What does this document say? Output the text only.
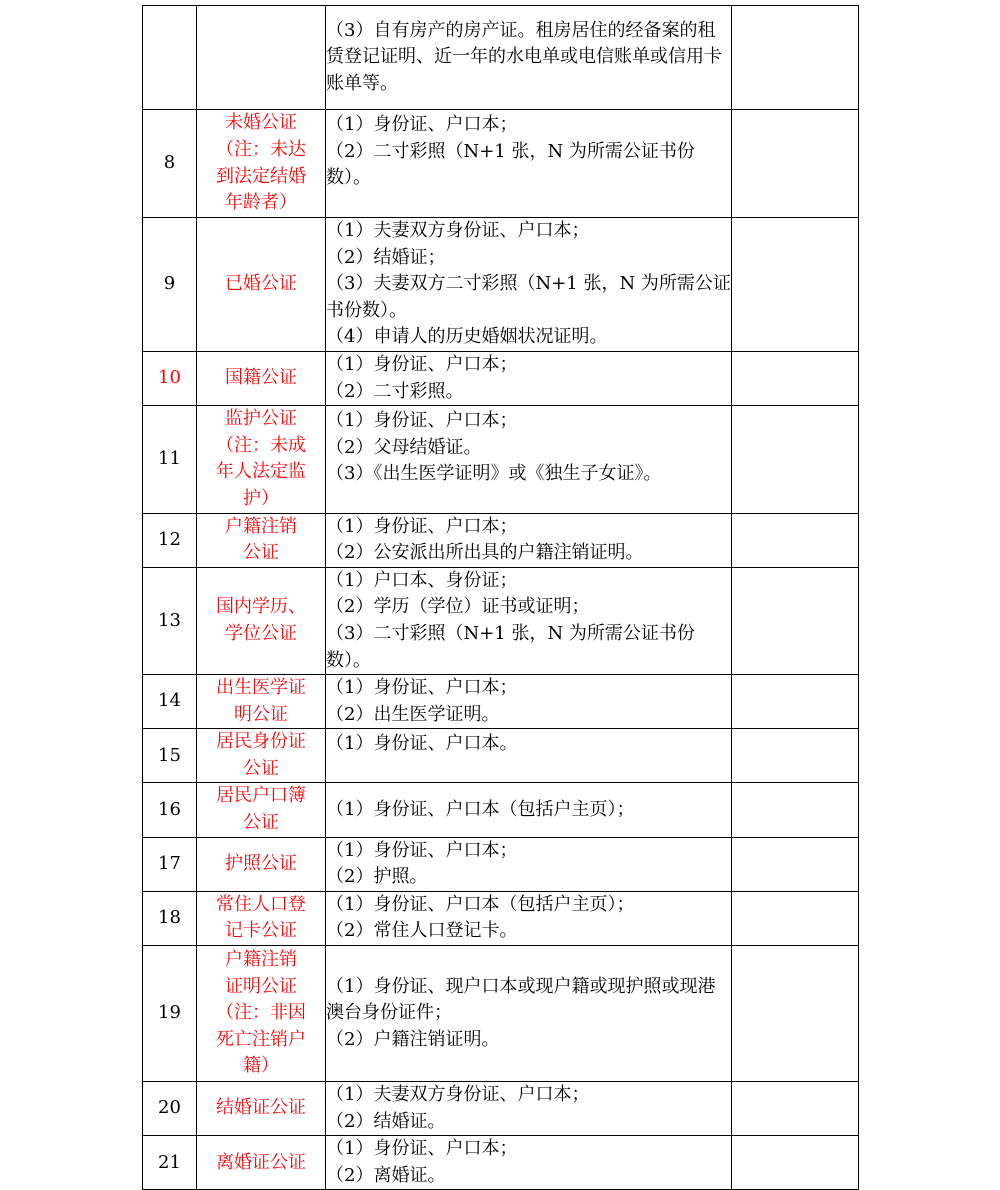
		（3）自有房产的房产证。租房居住的经备案的租赁登记证明、近一年的水电单或电信账单或信用卡账单等。	

8	未婚公证
（注：未达
到法定结婚
年龄者）	（1）身份证、户口本；
（2）二寸彩照（N+1 张，N 为所需公证书份数）。	

9	已婚公证	（1）夫妻双方身份证、户口本；
（2）结婚证；
（3）夫妻双方二寸彩照（N+1 张，N 为所需公证书份数）。
（4）申请人的历史婚姻状况证明。	

10	国籍公证	（1）身份证、户口本；
（2）二寸彩照。	

11	监护公证
（注：未成
年人法定监
护）	（1）身份证、户口本；
（2）父母结婚证。
（3）《出生医学证明》或《独生子女证》。	

12	户籍注销
公证	（1）身份证、户口本；
（2）公安派出所出具的户籍注销证明。	

13	国内学历、
学位公证	（1）户口本、身份证；
（2）学历（学位）证书或证明；
（3）二寸彩照（N+1 张，N 为所需公证书份数）。	

14	出生医学证
明公证	（1）身份证、户口本；
（2）出生医学证明。	

15	居民身份证
公证	（1）身份证、户口本。	

16	居民户口簿
公证	（1）身份证、户口本（包括户主页）；	

17	护照公证	（1）身份证、户口本；
（2）护照。	

18	常住人口登
记卡公证	（1）身份证、户口本（包括户主页）；
（2）常住人口登记卡。	

19	户籍注销
证明公证
（注：非因
死亡注销户
籍）	（1）身份证、现户口本或现户籍或现护照或现港澳台身份证件；
（2）户籍注销证明。	

20	结婚证公证	（1）夫妻双方身份证、户口本；
（2）结婚证。	

21	离婚证公证	（1）身份证、户口本；
（2）离婚证。	
